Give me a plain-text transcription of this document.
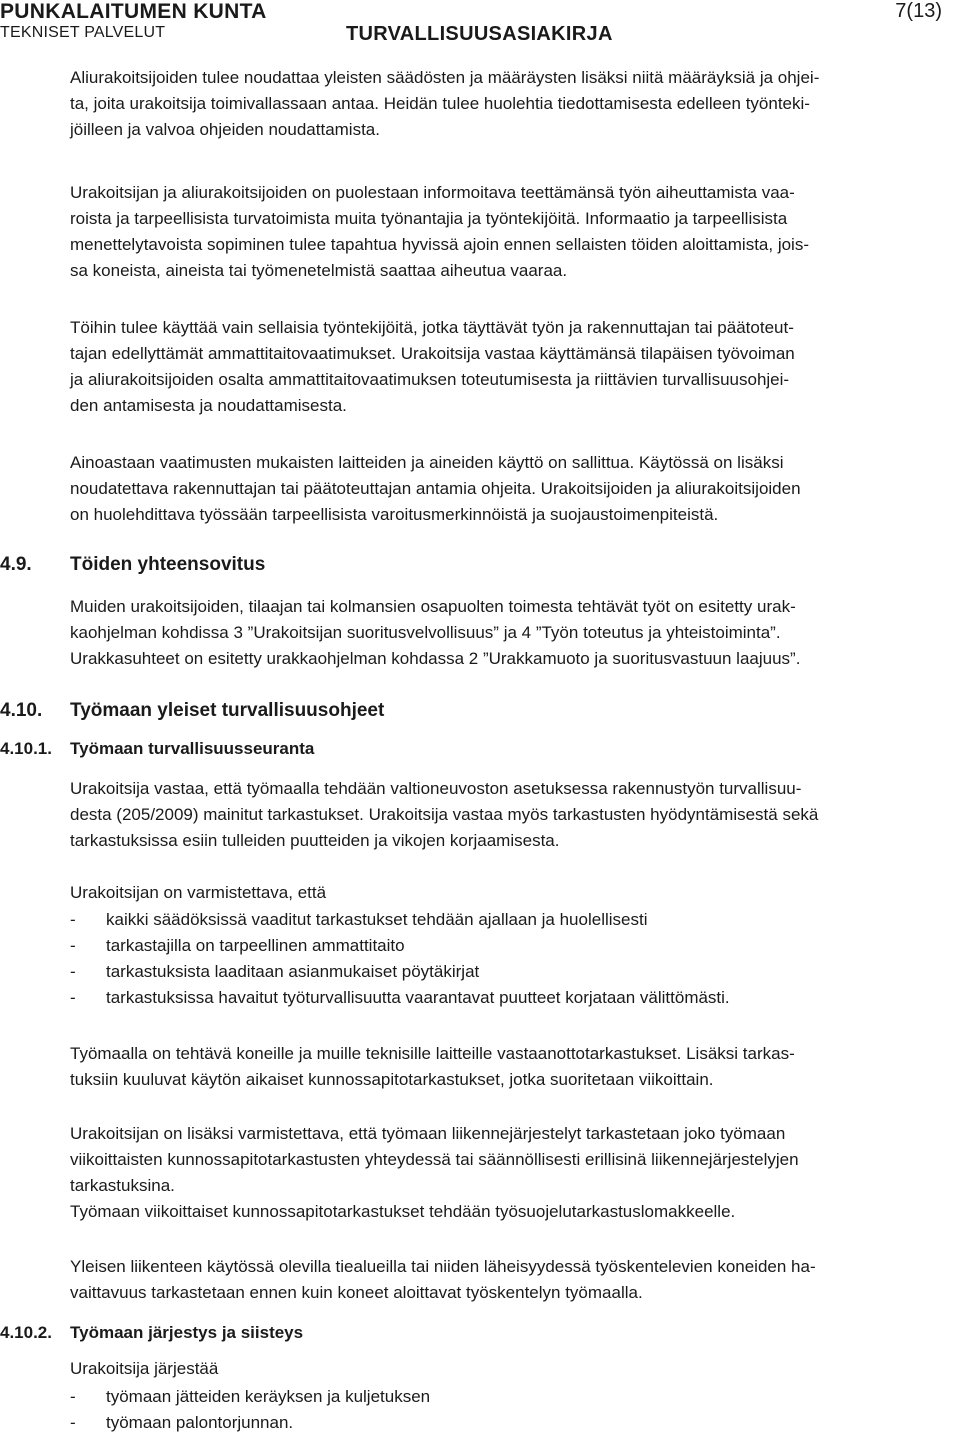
PUNKALAITUMEN KUNTA
TEKNISET PALVELUT	TURVALLISUUSASIAKIRJA
7(13)

Aliurakoitsijoiden tulee noudattaa yleisten säädösten ja määräysten lisäksi niitä määräyksiä ja ohjei-
ta, joita urakoitsija toimivallassaan antaa. Heidän tulee huolehtia tiedottamisesta edelleen työnteki-
jöilleen ja valvoa ohjeiden noudattamista.

Urakoitsijan ja aliurakoitsijoiden on puolestaan informoitava teettämänsä työn aiheuttamista vaa-
roista ja tarpeellisista turvatoimista muita työnantajia ja työntekijöitä. Informaatio ja tarpeellisista
menettelytavoista sopiminen tulee tapahtua hyvissä ajoin ennen sellaisten töiden aloittamista, jois-
sa koneista, aineista tai työmenetelmistä saattaa aiheutua vaaraa.

Töihin tulee käyttää vain sellaisia työntekijöitä, jotka täyttävät työn ja rakennuttajan tai päätoteut-
tajan edellyttämät ammattitaitovaatimukset. Urakoitsija vastaa käyttämänsä tilapäisen työvoiman
ja aliurakoitsijoiden osalta ammattitaitovaatimuksen toteutumisesta ja riittävien turvallisuusohjei-
den antamisesta ja noudattamisesta.

Ainoastaan vaatimusten mukaisten laitteiden ja aineiden käyttö on sallittua. Käytössä on lisäksi
noudatettava rakennuttajan tai päätoteuttajan antamia ohjeita. Urakoitsijoiden ja aliurakoitsijoiden
on huolehdittava työssään tarpeellisista varoitusmerkinnöistä ja suojaustoimenpiteistä.

4.9. Töiden yhteensovitus

Muiden urakoitsijoiden, tilaajan tai kolmansien osapuolten toimesta tehtävät työt on esitetty urak-
kaohjelman kohdissa 3 ”Urakoitsijan suoritusvelvollisuus” ja 4 ”Työn toteutus ja yhteistoiminta”.
Urakkasuhteet on esitetty urakkaohjelman kohdassa 2 ”Urakkamuoto ja suoritusvastuun laajuus”.

4.10. Työmaan yleiset turvallisuusohjeet
4.10.1. Työmaan turvallisuusseuranta

Urakoitsija vastaa, että työmaalla tehdään valtioneuvoston asetuksessa rakennustyön turvallisuu-
desta (205/2009) mainitut tarkastukset. Urakoitsija vastaa myös tarkastusten hyödyntämisestä sekä
tarkastuksissa esiin tulleiden puutteiden ja vikojen korjaamisesta.

Urakoitsijan on varmistettava, että

- kaikki säädöksissä vaaditut tarkastukset tehdään ajallaan ja huolellisesti
- tarkastajilla on tarpeellinen ammattitaito
- tarkastuksista laaditaan asianmukaiset pöytäkirjat
- tarkastuksissa havaitut työturvallisuutta vaarantavat puutteet korjataan välittömästi.

Työmaalla on tehtävä koneille ja muille teknisille laitteille vastaanottotarkastukset. Lisäksi tarkas-
tuksiin kuuluvat käytön aikaiset kunnossapitotarkastukset, jotka suoritetaan viikoittain.

Urakoitsijan on lisäksi varmistettava, että työmaan liikennejärjestelyt tarkastetaan joko työmaan
viikoittaisten kunnossapitotarkastusten yhteydessä tai säännöllisesti erillisinä liikennejärjestelyjen
tarkastuksina.
Työmaan viikoittaiset kunnossapitotarkastukset tehdään työsuojelutarkastuslomakkeelle.

Yleisen liikenteen käytössä olevilla tiealueilla tai niiden läheisyydessä työskentelevien koneiden ha-
vaittavuus tarkastetaan ennen kuin koneet aloittavat työskentelyn työmaalla.

4.10.2. Työmaan järjestys ja siisteys

Urakoitsija järjestää

- työmaan jätteiden keräyksen ja kuljetuksen
- työmaan palontorjunnan.
